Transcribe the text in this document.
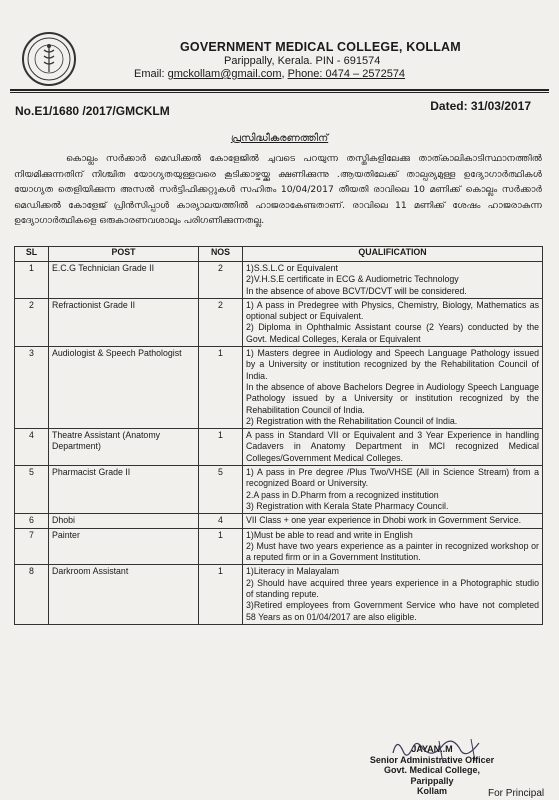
GOVERNMENT MEDICAL COLLEGE, KOLLAM
Parippally, Kerala. PIN - 691574
Email: gmckollam@gmail.com, Phone: 0474 – 2572574
No.E1/1680 /2017/GMCKLM	Dated: 31/03/2017
പ്രസിദ്ധീകരണത്തിന്
കൊല്ലം സർക്കാർ മെഡിക്കൽ കോളേജിൽ ചുവടെ പറയുന്ന തസ്തികളിലേക്കു താത്കാലികാടിസ്ഥാനത്തിൽ നിയമിക്കുന്നതിന് നിശ്ചിത യോഗ്യതയുള്ളവരെ കൂടിക്കാഴ്ചയ്ക്കു ക്ഷണിക്കുന്നു .ആയതിലേക്ക് താല്പര്യമുള്ള ഉദ്യോഗാർത്ഥികൾ യോഗ്യത തെളിയിക്കുന്ന അസൽ സർട്ടിഫിക്കറ്റുകൾ സഹിതം 10/04/2017 തീയതി രാവിലെ 10 മണിക്ക് കൊല്ലം സർക്കാർ മെഡിക്കൽ കോളേജ് പ്രിൻസിപ്പാൾ കാര്യാലയത്തിൽ ഹാജരാകേണ്ടതാണ്. രാവിലെ 11 മണിക്ക് ശേഷം ഹാജരാകുന്ന ഉദ്യോഗാർത്ഥികളെ ഒരുകാരണവശാലും പരിഗണിക്കുന്നതല്ല.
SL	POST	NOS	QUALIFICATION
1	E.C.G Technician Grade II	2	1)S.S.L.C or Equivalent

2)V.H.S.E certificate in ECG & Audiometric Technology

In the absence of above BCVT/DCVT will be considered.

2	Refractionist Grade II	2	1) A pass in Predegree with Physics, Chemistry, Biology, Mathematics as optional subject or Equivalent.

2) Diploma in Ophthalmic Assistant course (2 Years) conducted by the Govt. Medical Colleges, Kerala or Equivalent

3	Audiologist & Speech Pathologist	1	1) Masters degree in Audiology and Speech Language Pathology issued by a University or institution recognized by the Rehabilitation Council of India.

In the absence of above Bachelors Degree in Audiology Speech Language Pathology issued by a University or institution recognized by the Rehabilitation Council of India.

2) Registration with the Rehabilitation Council of India.

4	Theatre Assistant (Anatomy Department)	1	A pass in Standard VII or Equivalent and 3 Year Experience in handling Cadavers in Anatomy Department in MCI recognized Medical Colleges/Government Medical Colleges.

5	Pharmacist Grade II	5	1) A pass in Pre degree /Plus Two/VHSE (All in Science Stream) from a recognized Board or University.

2.A pass in D.Pharm from a recognized institution

3) Registration with Kerala State Pharmacy Council.

6	Dhobi	4	VII Class + one year experience in Dhobi work in Government Service.

7	Painter	1	1)Must be able to read and write in English

2) Must have two years experience as a painter in recognized workshop or a reputed firm or in a Government Institution.

8	Darkroom Assistant	1	1)Literacy in Malayalam

2) Should have acquired three years experience in a Photographic studio of standing repute.

3)Retired employees from Government Service who have not completed 58 Years as on 01/04/2017 are also eligible.

JAYAN..M
Senior Administrative Officer
Govt. Medical College, Parippally
Kollam	For Principal
